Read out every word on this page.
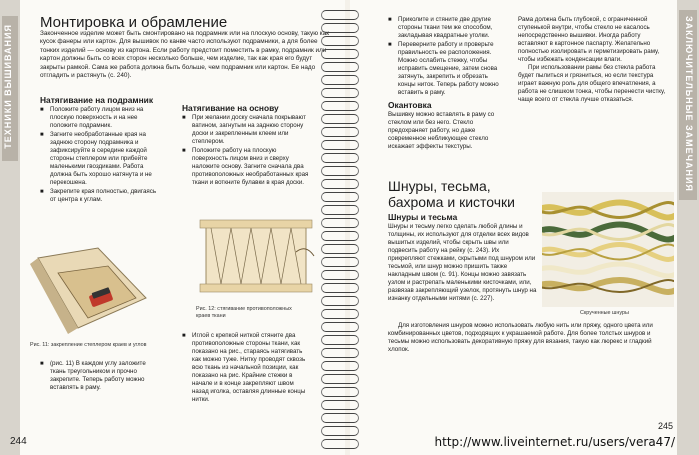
ТЕХНИКИ ВЫШИВАНИЯ
Монтировка и обрамление
Законченное изделие может быть смонтировано на подрамник или на плоскую основу, такую как кусок фанеры или картон. Для вышивок по канве часто используют подрамники, а для более тонких изделий — основу из картона. Если работу предстоит поместить в рамку, подрамник или картон должны быть со всех сторон несколько больше, чем изделие, так как края его будут закрыты рамкой. Сама же работа должна быть больше, чем подрамник или картон. Ее надо отгладить и растянуть (с. 240).
Натягивание на подрамник
■ Положите работу лицом вниз на плоскую поверхность и на нее положите подрамник.
■ Загните необработанные края на заднюю сторону подрамника и зафиксируйте в середине каждой стороны степлером или прибейте маленькими гвоздиками. Работа должна быть хорошо натянута и не перекошена.
■ Закрепите края полностью, двигаясь от центра к углам.
Рис. 11: закрепление степлером краев и углов
■ (рис. 11) В каждом углу заложите ткань треугольником и прочно закрепите. Теперь работу можно вставлять в раму.
Натягивание на основу
■ При желании доску сначала покрывают ватином, загнутым на заднюю сторону доски и закрепленным клеем или степлером.
■ Положите работу на плоскую поверхность лицом вниз и сверху наложите основу. Загните сначала два противоположных необработанных края ткани и воткните булавки в края доски.
Рис. 12: стягивание противоположных краев ткани
■ Иглой с крепкой ниткой стяните два противоположные стороны ткани, как показано на рис., стараясь натягивать как можно туже. Нитку проводят сквозь всю ткань из начальной позиции, как показано на рис. Крайние стежки в начале и в конце закрепляют швом назад иголка, оставляя длинные концы нитки.
244
ЗАКЛЮЧИТЕЛЬНЫЕ ЗАМЕЧАНИЯ
■ Приколите и стяните две другие стороны ткани тем же способом, закладывая квадратные уголки.
■ Переверните работу и проверьте правильность ее расположения. Можно ослабить стежку, чтобы исправить смещение, затем снова затянуть, закрепить и обрезать концы ниток. Теперь работу можно вставить в раму.
Окантовка
Вышивку можно вставлять в раму со стеклом или без него. Стекло предохраняет работу, но даже современное небликующее стекло искажает эффекты текстуры.
Рама должна быть глубокой, с ограниченной ступенькой внутри, чтобы стекло не касалось непосредственно вышивки. Иногда работу вставляют в картонное паспарту. Желательно полностью изолировать и герметизировать раму, чтобы избежать конденсации влаги.
При использовании рамы без стекла работа будет пылиться и грязниться, но если текстура играет важную роль для общего впечатления, а работа не слишком тонка, чтобы перенести чистку, чаще всего от стекла лучше отказаться.
Шнуры, тесьма, бахрома и кисточки
Шнуры и тесьма
Шнуры и тесьму легко сделать любой длины и толщины, их используют для отделки всех видов вышитых изделий, чтобы скрыть швы или подвесить работу на рейку (с. 243). Их прикрепляют стежками, скрытыми под шнуром или тесьмой, или шнур можно пришить также накладным швом (с. 91). Концы можно завязать узлом и растрепать маленькими кисточками, или, развязав закрепляющий узелок, протянуть шнур на изнанку отдельными нитями (с. 227).
Скрученные шнуры
Для изготовления шнуров можно использовать любую нить или пряжу, одного цвета или комбинированных цветов, подходящих к украшаемой работе. Для более толстых шнуров и тесьмы можно использовать декоративную пряжу для вязания, такую как люрекс и гладкий хлопок.
http://www.liveinternet.ru/users/vera47/
245
